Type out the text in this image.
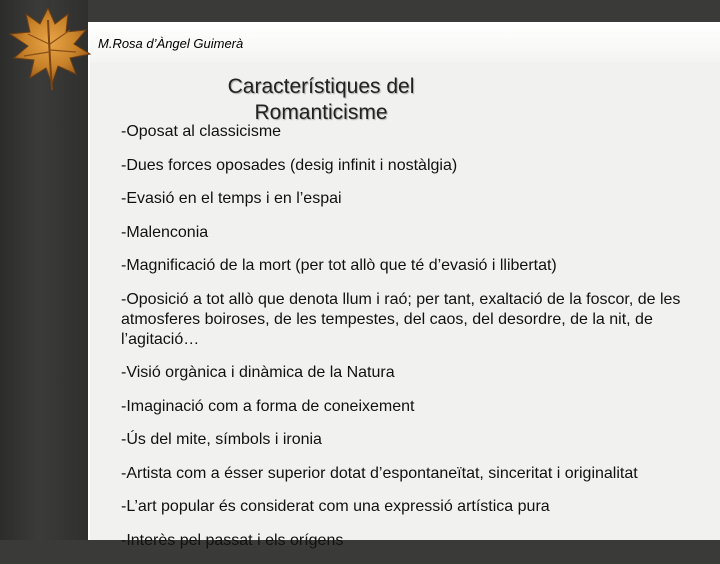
M.Rosa d’Àngel Guimerà
Característiques del Romanticisme
-Oposat al classicisme
-Dues forces oposades (desig infinit i nostàlgia)
-Evasió en el temps i en l’espai
-Malenconia
-Magnificació de la mort (per tot allò que té d’evasió i llibertat)
-Oposició a tot allò que denota llum i raó; per tant, exaltació de la foscor, de les atmosferes boiroses, de les tempestes, del caos, del desordre, de la nit, de l’agitació…
-Visió orgànica i dinàmica de la Natura
-Imaginació com a forma de coneixement
-Ús del mite, símbols i ironia
-Artista com a ésser superior dotat d’espontaneïtat, sinceritat i originalitat
-L’art popular és considerat com una expressió artística pura
-Interès pel passat i els orígens
